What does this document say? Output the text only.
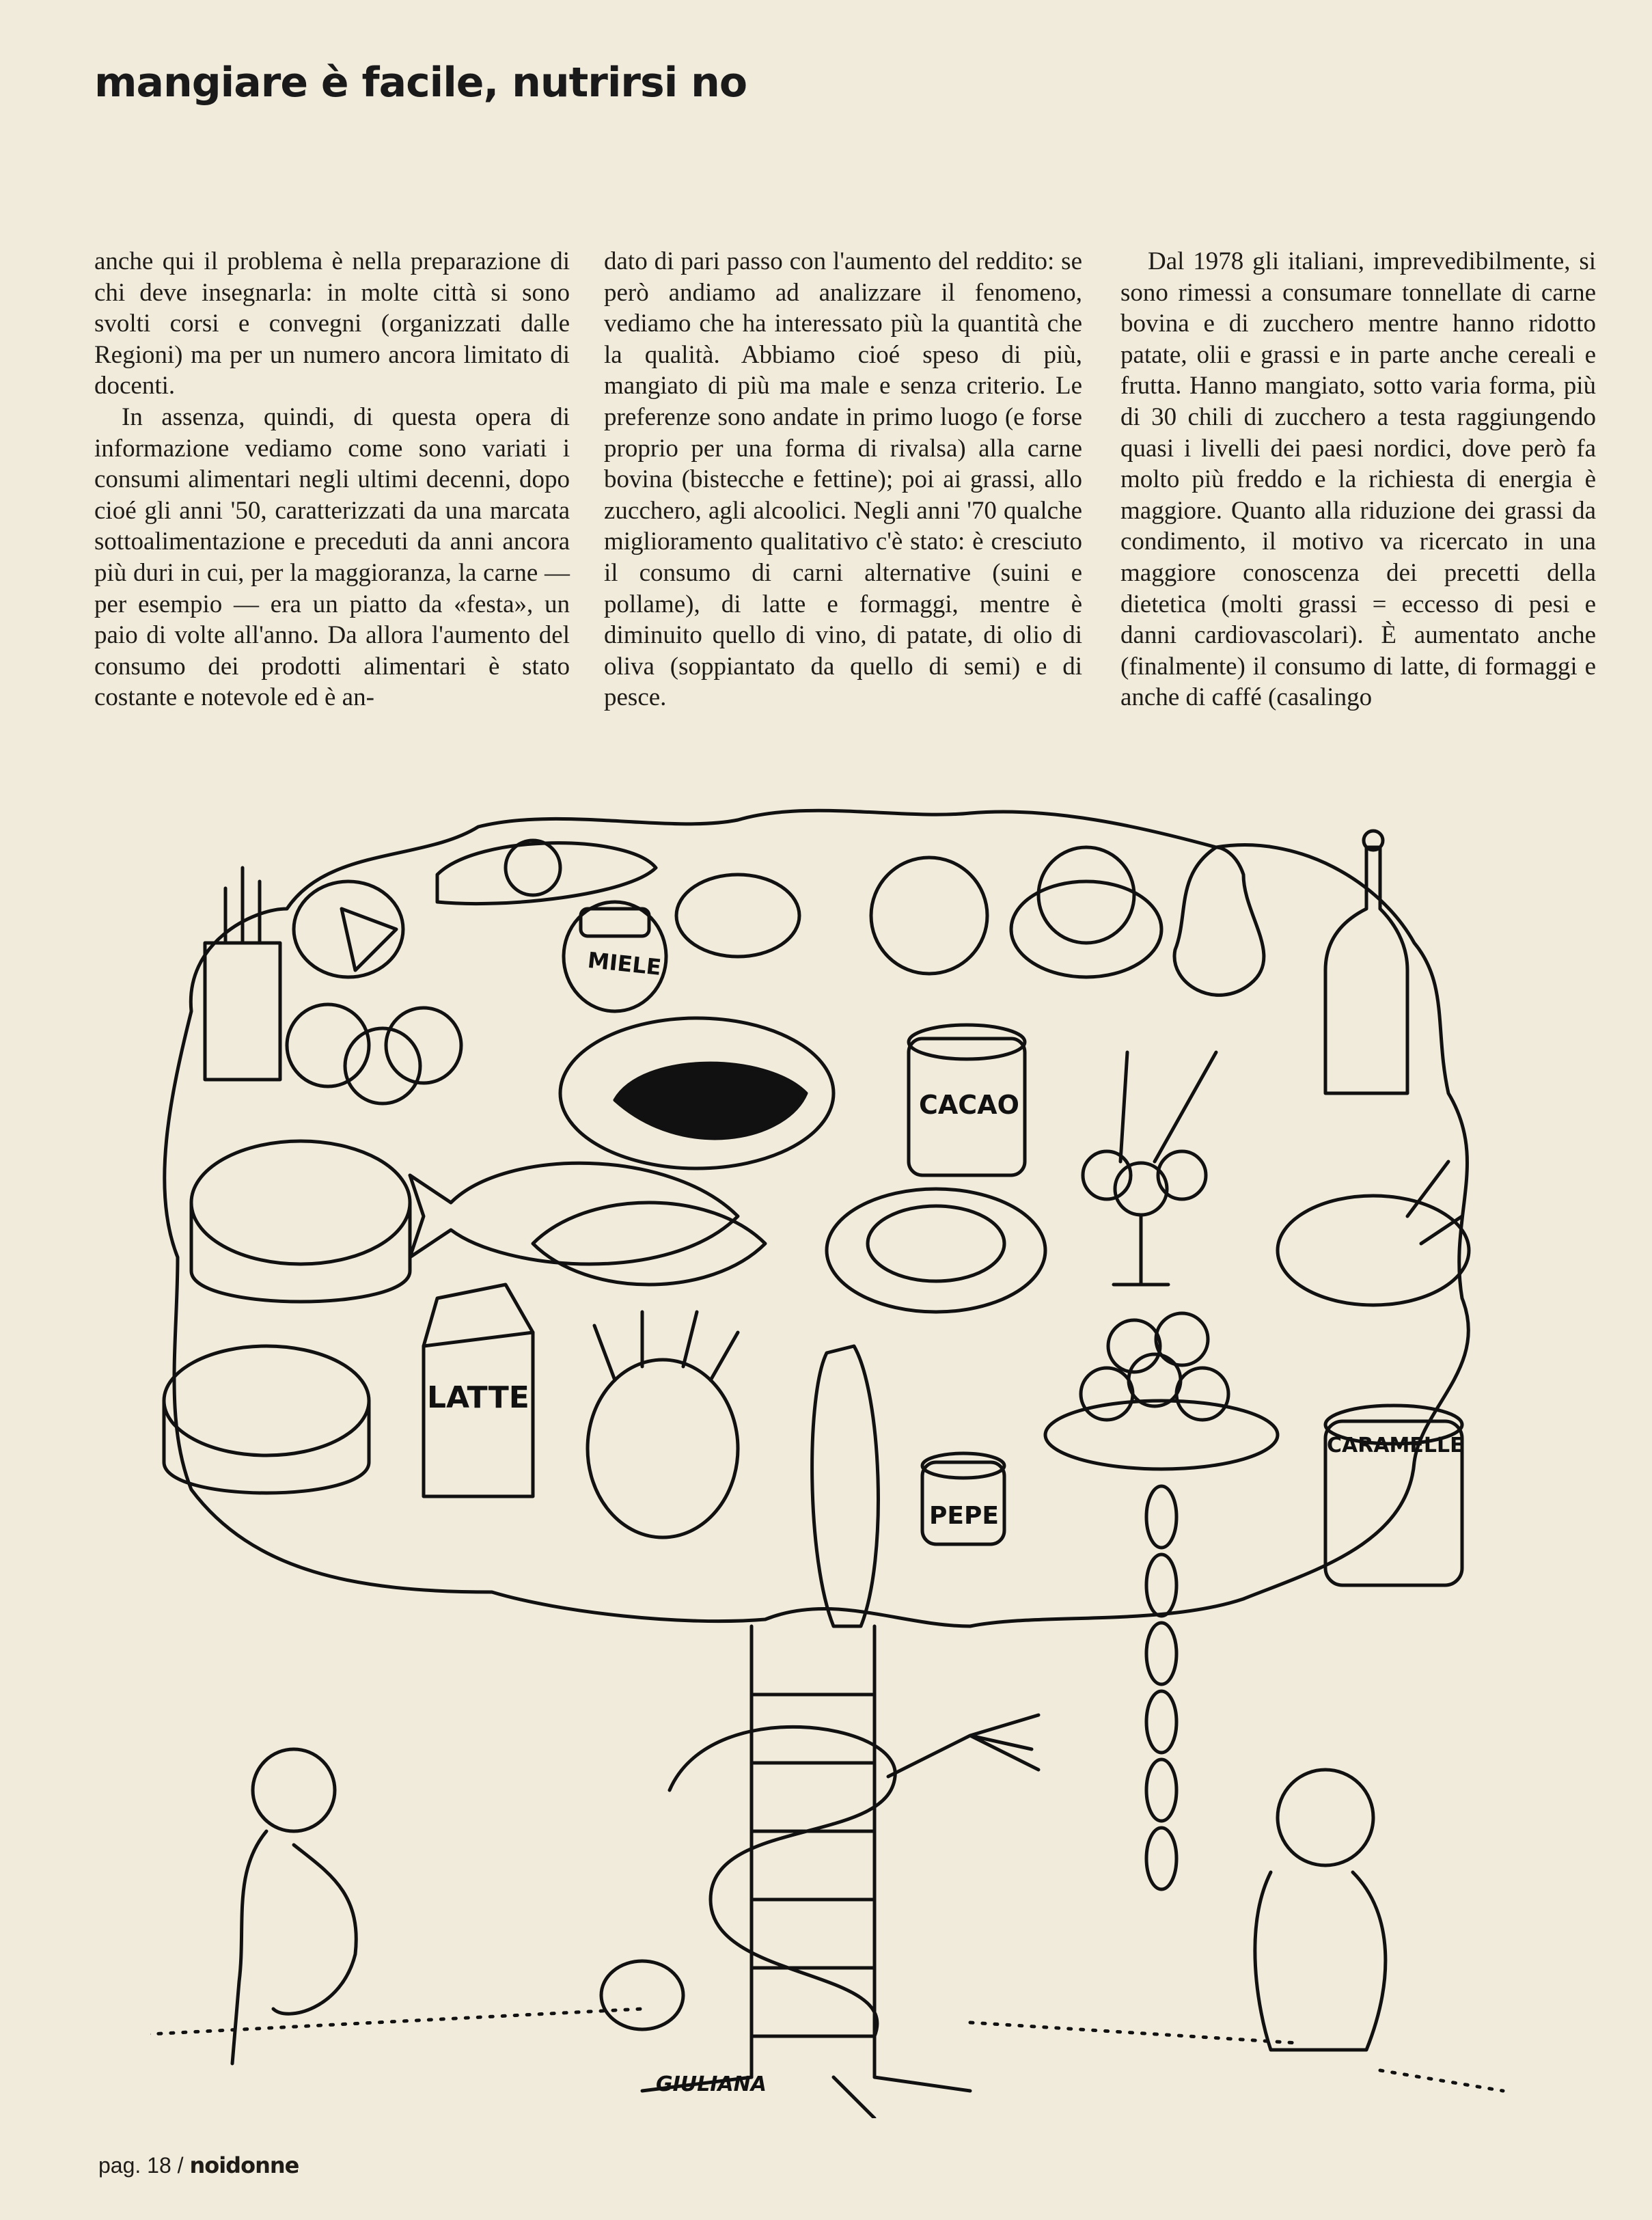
mangiare è facile, nutrirsi no

anche qui il problema è nella preparazione di chi deve insegnarla: in molte città si sono svolti corsi e convegni (organizzati dalle Regioni) ma per un numero ancora limitato di docenti.

In assenza, quindi, di questa opera di informazione vediamo come sono variati i consumi alimentari negli ultimi decenni, dopo cioé gli anni '50, caratterizzati da una marcata sottoalimentazione e preceduti da anni ancora più duri in cui, per la maggioranza, la carne — per esempio — era un piatto da «festa», un paio di volte all'anno. Da allora l'aumento del consumo dei prodotti alimentari è stato costante e notevole ed è an-

dato di pari passo con l'aumento del reddito: se però andiamo ad analizzare il fenomeno, vediamo che ha interessato più la quantità che la qualità. Abbiamo cioé speso di più, mangiato di più ma male e senza criterio. Le preferenze sono andate in primo luogo (e forse proprio per una forma di rivalsa) alla carne bovina (bistecche e fettine); poi ai grassi, allo zucchero, agli alcoolici. Negli anni '70 qualche miglioramento qualitativo c'è stato: è cresciuto il consumo di carni alternative (suini e pollame), di latte e formaggi, mentre è diminuito quello di vino, di patate, di olio di oliva (soppiantato da quello di semi) e di pesce.

Dal 1978 gli italiani, imprevedibilmente, si sono rimessi a consumare tonnellate di carne bovina e di zucchero mentre hanno ridotto patate, olii e grassi e in parte anche cereali e frutta. Hanno mangiato, sotto varia forma, più di 30 chili di zucchero a testa raggiungendo quasi i livelli dei paesi nordici, dove però fa molto più freddo e la richiesta di energia è maggiore. Quanto alla riduzione dei grassi da condimento, il motivo va ricercato in una maggiore conoscenza dei precetti della dietetica (molti grassi = eccesso di pesi e danni cardiovascolari). È aumentato anche (finalmente) il consumo di latte, di formaggi e anche di caffé (casalingo

MIELE
CACAO
LATTE
PEPE
CARAMELLE
GIULIANA
pag. 18 / noidonne
